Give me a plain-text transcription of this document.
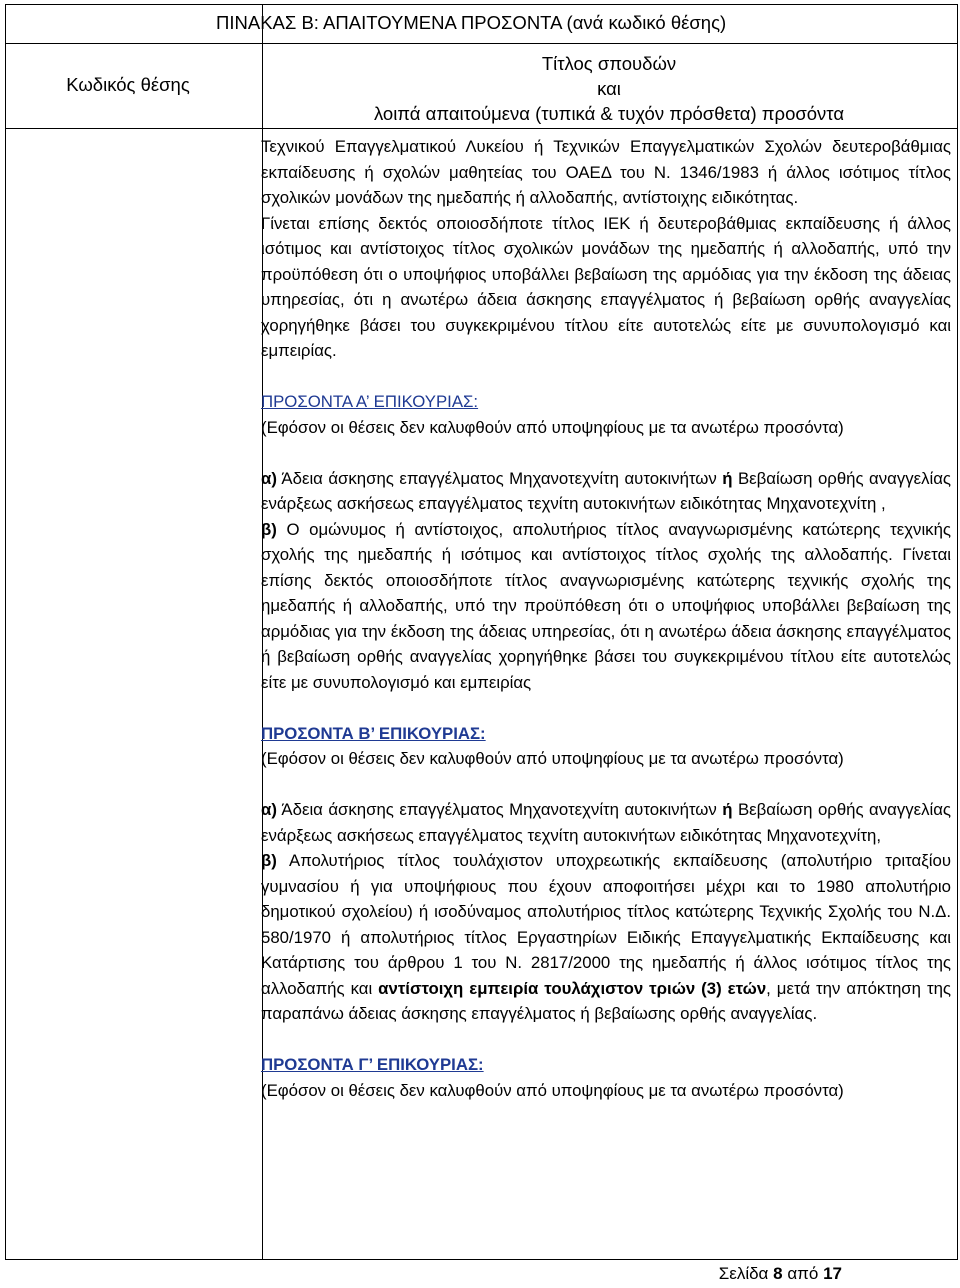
ΠΙΝΑΚΑΣ Β: ΑΠΑΙΤΟΥΜΕΝΑ ΠΡΟΣΟΝΤΑ (ανά κωδικό θέσης)
Κωδικός θέσης
Τίτλος σπουδών
και
λοιπά απαιτούμενα (τυπικά & τυχόν πρόσθετα) προσόντα

Τεχνικού Επαγγελματικού Λυκείου ή Τεχνικών Επαγγελματικών Σχολών δευτεροβάθμιας εκπαίδευσης ή σχολών μαθητείας του ΟΑΕΔ του Ν. 1346/1983 ή άλλος ισότιμος τίτλος σχολικών μονάδων της ημεδαπής ή αλλοδαπής, αντίστοιχης ειδικότητας.

Γίνεται επίσης δεκτός οποιοσδήποτε τίτλος ΙΕΚ ή δευτεροβάθμιας εκπαίδευσης ή άλλος ισότιμος και αντίστοιχος τίτλος σχολικών μονάδων της ημεδαπής ή αλλοδαπής, υπό την προϋπόθεση ότι ο υποψήφιος υποβάλλει βεβαίωση της αρμόδιας για την έκδοση της άδειας υπηρεσίας, ότι η ανωτέρω άδεια άσκησης επαγγέλματος ή βεβαίωση ορθής αναγγελίας χορηγήθηκε βάσει του συγκεκριμένου τίτλου είτε αυτοτελώς είτε με συνυπολογισμό και εμπειρίας.

ΠΡΟΣΟΝΤΑ Α’ ΕΠΙΚΟΥΡΙΑΣ:

(Εφόσον οι θέσεις δεν καλυφθούν από υποψηφίους με τα ανωτέρω προσόντα)

α) Άδεια άσκησης επαγγέλματος Μηχανοτεχνίτη αυτοκινήτων ή Βεβαίωση ορθής αναγγελίας ενάρξεως ασκήσεως επαγγέλματος τεχνίτη αυτοκινήτων ειδικότητας Μηχανοτεχνίτη ,

β) Ο ομώνυμος ή αντίστοιχος, απολυτήριος τίτλος αναγνωρισμένης κατώτερης τεχνικής σχολής της ημεδαπής ή ισότιμος και αντίστοιχος τίτλος σχολής της αλλοδαπής. Γίνεται επίσης δεκτός οποιοσδήποτε τίτλος αναγνωρισμένης κατώτερης τεχνικής σχολής της ημεδαπής ή αλλοδαπής, υπό την προϋπόθεση ότι ο υποψήφιος υποβάλλει βεβαίωση της αρμόδιας για την έκδοση της άδειας υπηρεσίας, ότι η ανωτέρω άδεια άσκησης επαγγέλματος ή βεβαίωση ορθής αναγγελίας χορηγήθηκε βάσει του συγκεκριμένου τίτλου είτε αυτοτελώς είτε με συνυπολογισμό και εμπειρίας

ΠΡΟΣΟΝΤΑ Β’ ΕΠΙΚΟΥΡΙΑΣ:

(Εφόσον οι θέσεις δεν καλυφθούν από υποψηφίους με τα ανωτέρω προσόντα)

α) Άδεια άσκησης επαγγέλματος Μηχανοτεχνίτη αυτοκινήτων ή Βεβαίωση ορθής αναγγελίας ενάρξεως ασκήσεως επαγγέλματος τεχνίτη αυτοκινήτων ειδικότητας Μηχανοτεχνίτη,

β) Απολυτήριος τίτλος τουλάχιστον υποχρεωτικής εκπαίδευσης (απολυτήριο τριταξίου γυμνασίου ή για υποψήφιους που έχουν αποφοιτήσει μέχρι και το 1980 απολυτήριο δημοτικού σχολείου) ή ισοδύναμος απολυτήριος τίτλος κατώτερης Τεχνικής Σχολής του Ν.Δ. 580/1970 ή απολυτήριος τίτλος Εργαστηρίων Ειδικής Επαγγελματικής Εκπαίδευσης και Κατάρτισης του άρθρου 1 του Ν. 2817/2000 της ημεδαπής ή άλλος ισότιμος τίτλος της αλλοδαπής και αντίστοιχη εμπειρία τουλάχιστον τριών (3) ετών, μετά την απόκτηση της παραπάνω άδειας άσκησης επαγγέλματος ή βεβαίωσης ορθής αναγγελίας.

ΠΡΟΣΟΝΤΑ Γ’ ΕΠΙΚΟΥΡΙΑΣ:

(Εφόσον οι θέσεις δεν καλυφθούν από υποψηφίους με τα ανωτέρω προσόντα)

Σελίδα 8 από 17
